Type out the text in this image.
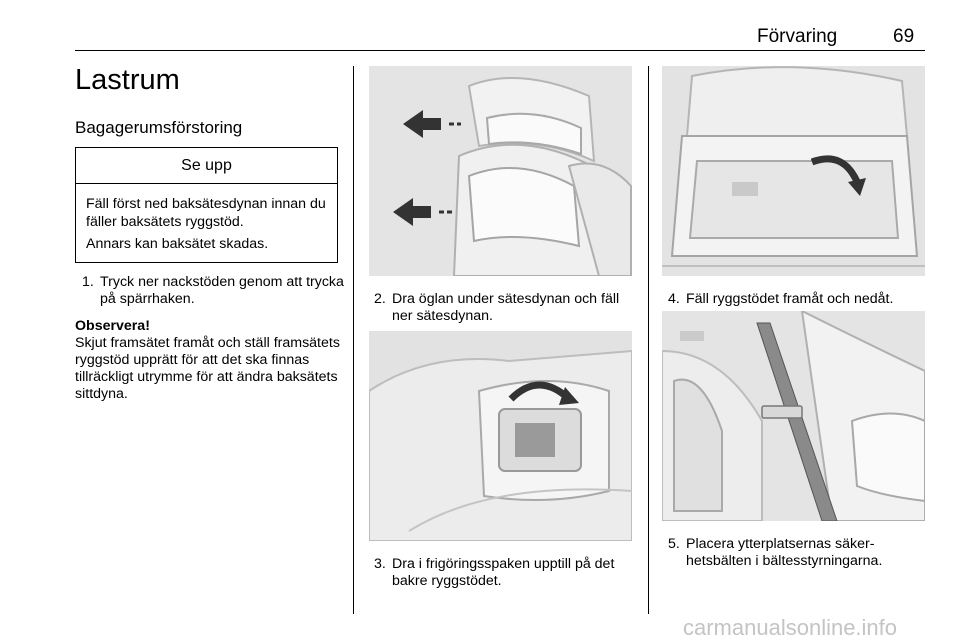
Förvaring	69
Lastrum
Bagagerumsförstoring
Se upp
Fäll först ned baksätesdynan innan du fäller baksätets ryggstöd.
Annars kan baksätet skadas.
1. Tryck ner nackstöden genom att trycka på spärrhaken.
Observera!
Skjut framsätet framåt och ställ framsätets ryggstöd upprätt för att det ska finnas tillräckligt utrymme för att ändra baksätets sittdyna.
2. Dra öglan under sätesdynan och fäll ner sätesdynan.
3. Dra i frigöringsspaken upptill på det bakre ryggstödet.
4. Fäll ryggstödet framåt och nedåt.
5. Placera ytterplatsernas säkerhetsbälten i bältesstyrningarna.
carmanualsonline.info
